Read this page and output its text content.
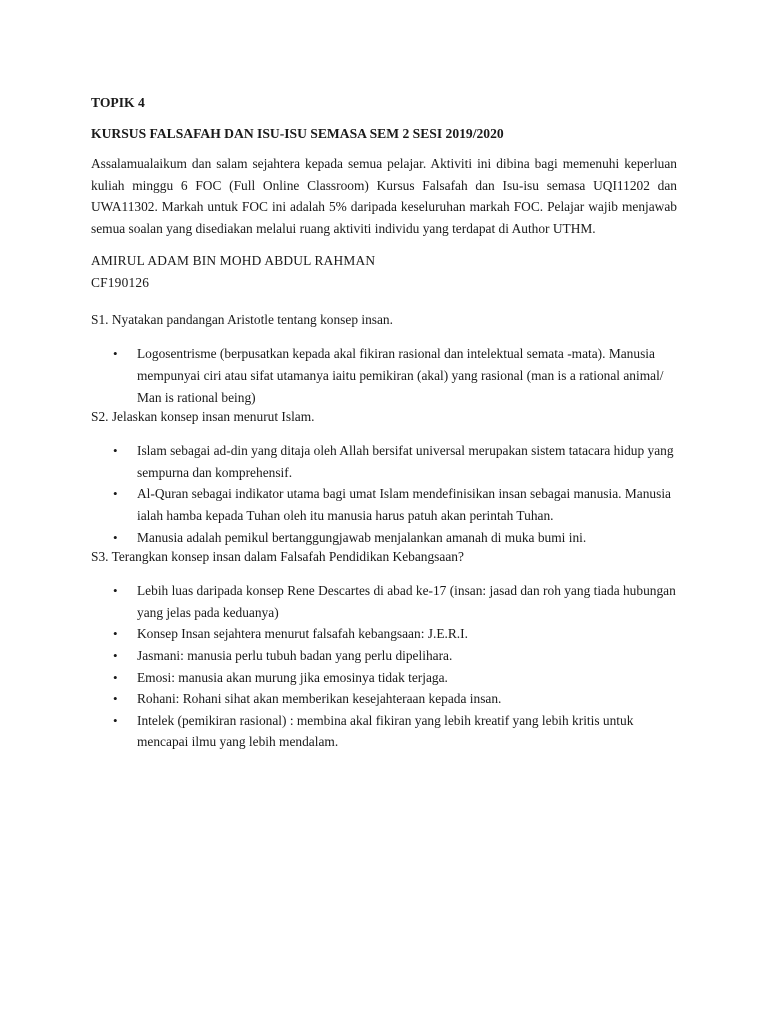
TOPIK 4

KURSUS FALSAFAH DAN ISU-ISU SEMASA SEM 2 SESI 2019/2020

Assalamualaikum dan salam sejahtera kepada semua pelajar. Aktiviti ini dibina bagi memenuhi keperluan kuliah minggu 6 FOC (Full Online Classroom) Kursus Falsafah dan Isu-isu semasa UQI11202 dan UWA11302. Markah untuk FOC ini adalah 5% daripada keseluruhan markah FOC. Pelajar wajib menjawab semua soalan yang disediakan melalui ruang aktiviti individu yang terdapat di Author UTHM.

AMIRUL ADAM BIN MOHD ABDUL RAHMAN
CF190126

S1. Nyatakan pandangan Aristotle tentang konsep insan.

• Logosentrisme (berpusatkan kepada akal fikiran rasional dan intelektual semata -mata). Manusia mempunyai ciri atau sifat utamanya iaitu pemikiran (akal) yang rasional (man is a rational animal/ Man is rational being)

S2. Jelaskan konsep insan menurut Islam.

• Islam sebagai ad-din yang ditaja oleh Allah bersifat universal merupakan sistem tatacara hidup yang sempurna dan komprehensif.
• Al-Quran sebagai indikator utama bagi umat Islam mendefinisikan insan sebagai manusia. Manusia ialah hamba kepada Tuhan oleh itu manusia harus patuh akan perintah Tuhan.
• Manusia adalah pemikul bertanggungjawab menjalankan amanah di muka bumi ini.

S3. Terangkan konsep insan dalam Falsafah Pendidikan Kebangsaan?

• Lebih luas daripada konsep Rene Descartes di abad ke-17 (insan: jasad dan roh yang tiada hubungan yang jelas pada keduanya)
• Konsep Insan sejahtera menurut falsafah kebangsaan: J.E.R.I.
• Jasmani: manusia perlu tubuh badan yang perlu dipelihara.
• Emosi: manusia akan murung jika emosinya tidak terjaga.
• Rohani: Rohani sihat akan memberikan kesejahteraan kepada insan.
• Intelek (pemikiran rasional) : membina akal fikiran yang lebih kreatif yang lebih kritis untuk mencapai ilmu yang lebih mendalam.
